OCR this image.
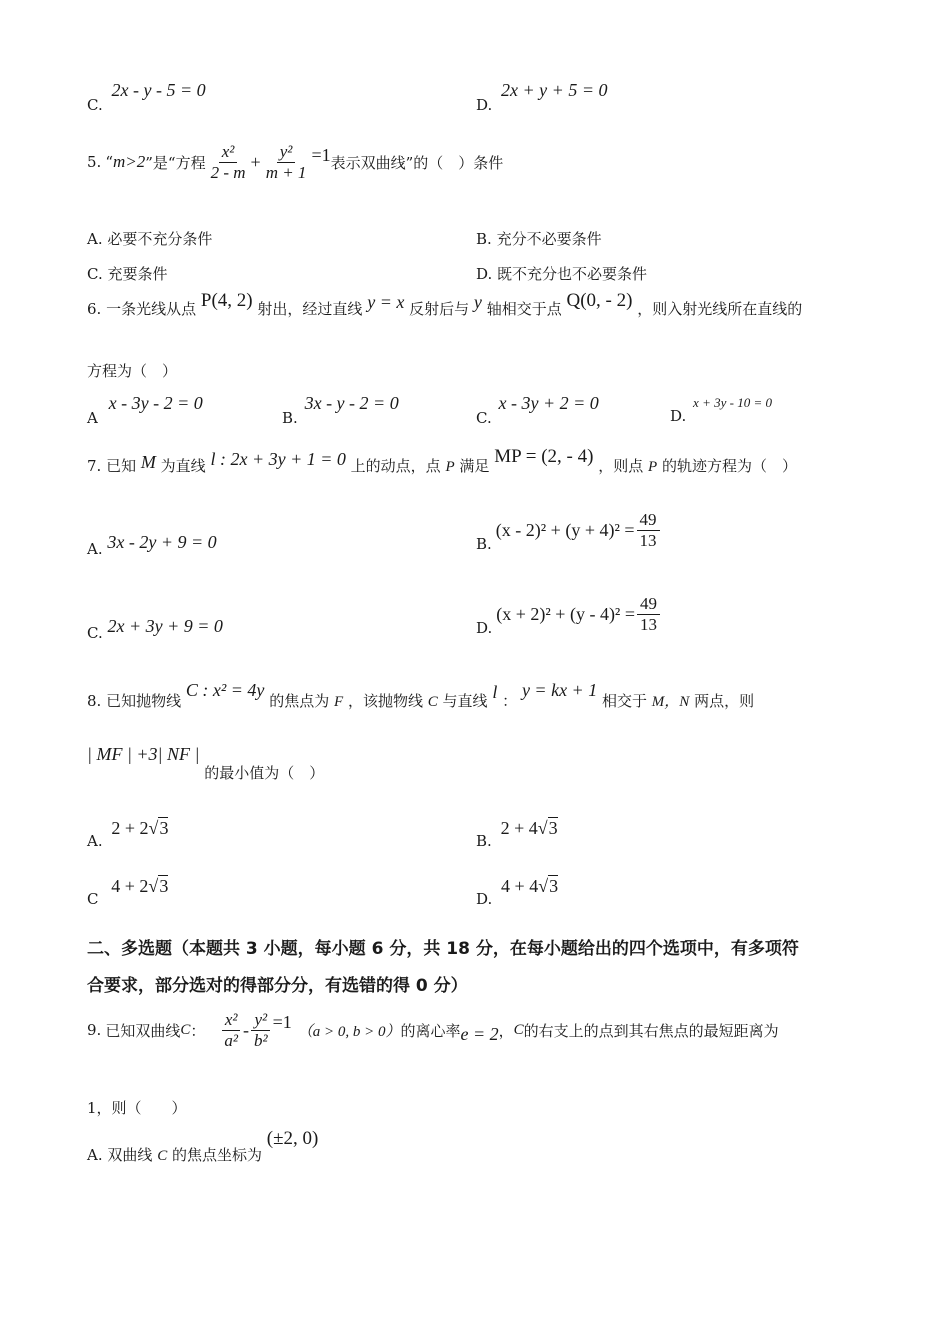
C. 2x - y - 5 = 0
D. 2x + y + 5 = 0
5. “ m>2 ”是“方程 $\frac{\text{x²}}{2 - m} + \frac{\text{y²}}{m + 1} =1$ 表示双曲线”的（　）条件
A. 必要不充分条件	B. 充分不必要条件
C. 充要条件	D. 既不充分也不必要条件
6. 一条光线从点 P(4, 2) 射出，经过直线 y = x 反射后与 y 轴相交于点 Q(0, - 2) ，则入射光线所在直线的
方程为（　）
A x - 3y - 2 = 0
B. 3x - y - 2 = 0
C. x - 3y + 2 = 0
D. x + 3y - 10 = 0
7. 已知 M 为直线 l : 2x + 3y + 1 = 0 上的动点，点 P 满足 MP = (2, - 4) ，则点 P 的轨迹方程为（　）
A. 3x - 2y + 9 = 0	B.
$(x - 2)^2 + (y + 4)^2 = \frac{49}{13}$
C. 2x + 3y + 9 = 0	D.
$(x + 2)^2 + (y - 4)^2 = \frac{49}{13}$
8. 已知抛物线 C : x² = 4y 的焦点为 F ，该抛物线 C 与直线 l ： y = kx + 1 相交于 M，N 两点，则
| MF | +3| NF | 的最小值为（　）
A. 2 + 2√3
B. 2 + 4√3
C 4 + 2√3
D. 4 + 4√3
二、多选题（本题共 3 小题，每小题 6 分，共 18 分，在每小题给出的四个选项中，有多项符
合要求，部分选对的得部分分，有选错的得 0 分）
9. 已知双曲线 C ： $\frac{\text{x²}}{\text{a²}} - \frac{\text{y²}}{\text{b²}} =1$ （a > 0, b > 0） 的离心率 e = 2 ， C 的右支上的点到其右焦点的最短距离为
1，则（　　）
A. 双曲线 C 的焦点坐标为 (±2, 0)
